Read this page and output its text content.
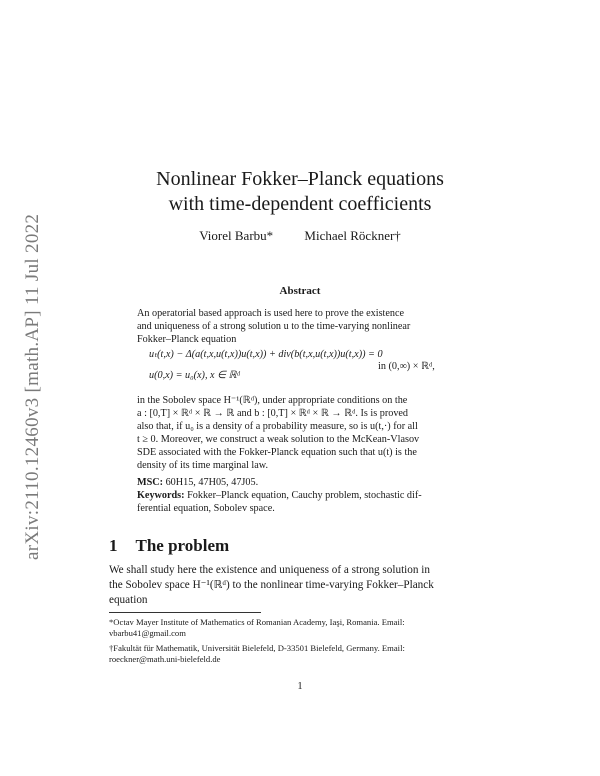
arXiv:2110.12460v3 [math.AP] 11 Jul 2022
Nonlinear Fokker–Planck equations
with time-dependent coefficients
Viorel Barbu* Michael Röckner†
Abstract
An operatorial based approach is used here to prove the existence
and uniqueness of a strong solution u to the time-varying nonlinear
Fokker–Planck equation
uₜ(t,x) − Δ(a(t,x,u(t,x))u(t,x)) + div(b(t,x,u(t,x))u(t,x)) = 0
in (0,∞) × ℝᵈ,
u(0,x) = u₀(x), x ∈ ℝᵈ
in the Sobolev space H⁻¹(ℝᵈ), under appropriate conditions on the
a : [0,T] × ℝᵈ × ℝ → ℝ and b : [0,T] × ℝᵈ × ℝ → ℝᵈ. Is is proved
also that, if u₀ is a density of a probability measure, so is u(t,·) for all
t ≥ 0. Moreover, we construct a weak solution to the McKean-Vlasov
SDE associated with the Fokker-Planck equation such that u(t) is the
density of its time marginal law.
MSC: 60H15, 47H05, 47J05.
Keywords: Fokker–Planck equation, Cauchy problem, stochastic dif-
ferential equation, Sobolev space.
1 The problem
We shall study here the existence and uniqueness of a strong solution in
the Sobolev space H⁻¹(ℝᵈ) to the nonlinear time-varying Fokker–Planck
equation
*Octav Mayer Institute of Mathematics of Romanian Academy, Iaşi, Romania. Email:
vbarbu41@gmail.com
†Fakultät für Mathematik, Universität Bielefeld, D-33501 Bielefeld, Germany. Email:
roeckner@math.uni-bielefeld.de
1
